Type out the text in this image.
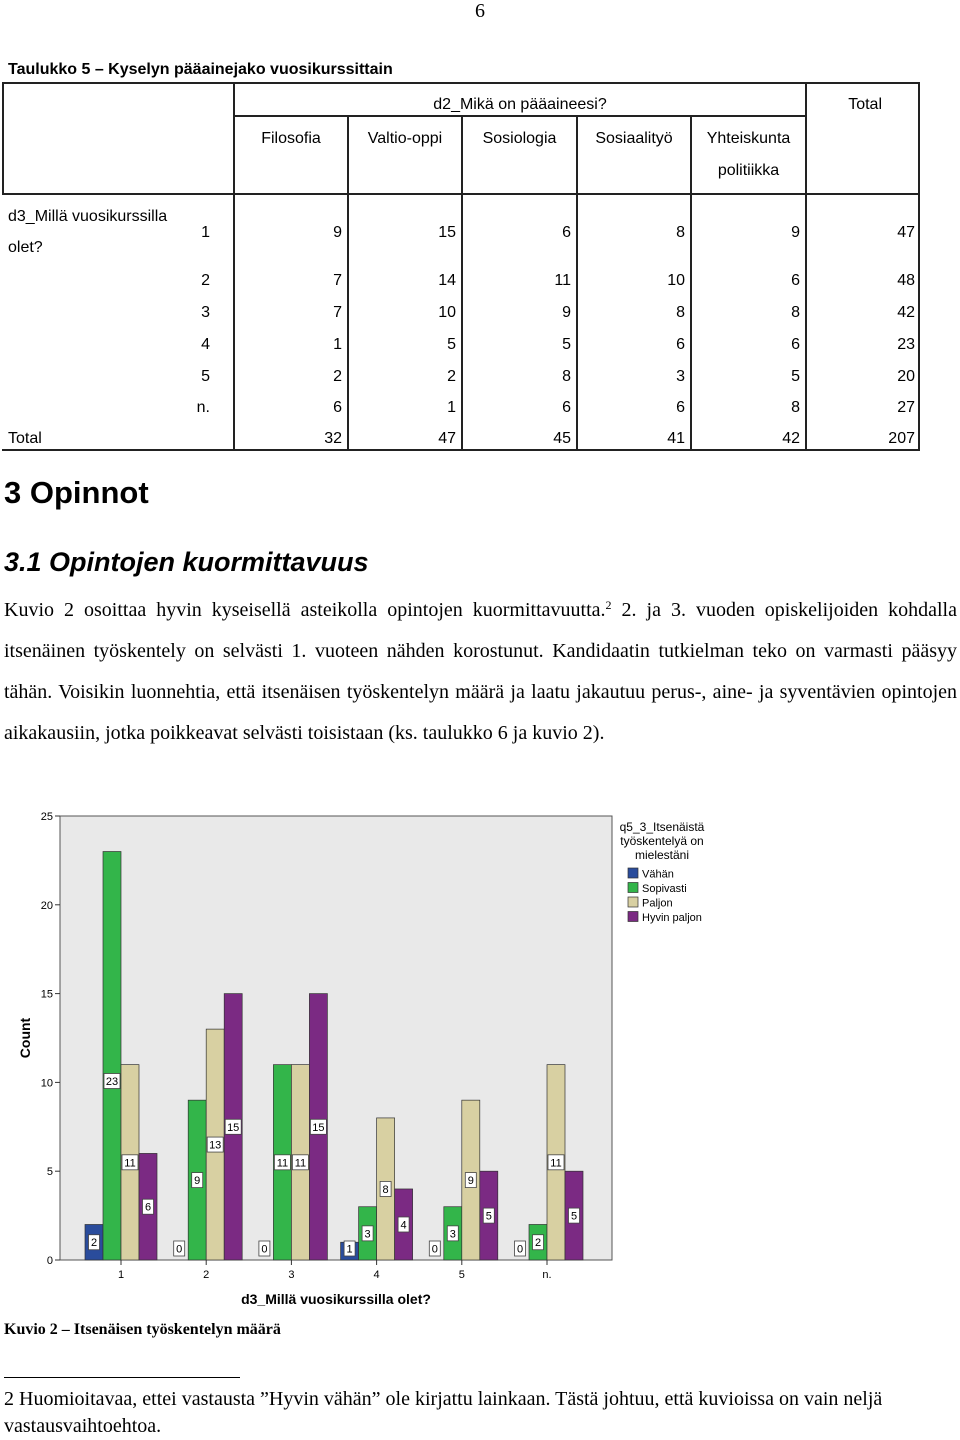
6
Taulukko 5 – Kyselyn pääainejako vuosikurssittain
d2_Mikä on pääaineesi?	Total
Filosofia	Valtio-oppi	Sosiologia	Sosiaalityö	Yhteiskunta
politiikka
d3_Millä vuosikurssilla
olet?
1	9	15	6	8	9	47
2	7	14	11	10	6	48
3	7	10	9	8	8	42
4	1	5	5	6	6	23
5	2	2	8	3	5	20
n.	6	1	6	6	8	27
Total	32	47	45	41	42	207
3 Opinnot
3.1 Opintojen kuormittavuus

Kuvio 2 osoittaa hyvin kyseisellä asteikolla opintojen kuormittavuutta.$^2$ 2. ja 3. vuoden opiskelijoiden kohdalla itsenäinen työskentely on selvästi 1. vuoteen nähden korostunut. Kandidaatin tutkielman teko on varmasti pääsyy tähän. Voisikin luonnehtia, että itsenäisen työskentelyn määrä ja laatu jakautuu perus-, aine- ja syventävien opintojen aikakausiin, jotka poikkeavat selvästi toisistaan (ks. taulukko 6 ja kuvio 2).

0
5
10
15
20
25
Count
1
2
23
11
6
2
0
9
13
15
3
0
11 11
15
4
1
3
8
4
5
0
3
9
5
n.
0
2
11
5
d3_Millä vuosikurssilla olet?
q5_3_Itsenäistä
työskentelyä on
mielestäni
Vähän
Sopivasti
Paljon
Hyvin paljon
Kuvio 2 – Itsenäisen työskentelyn määrä

2 Huomioitavaa, ettei vastausta ”Hyvin vähän” ole kirjattu lainkaan. Tästä johtuu, että kuvioissa on vain neljä vastausvaihtoehtoa.
